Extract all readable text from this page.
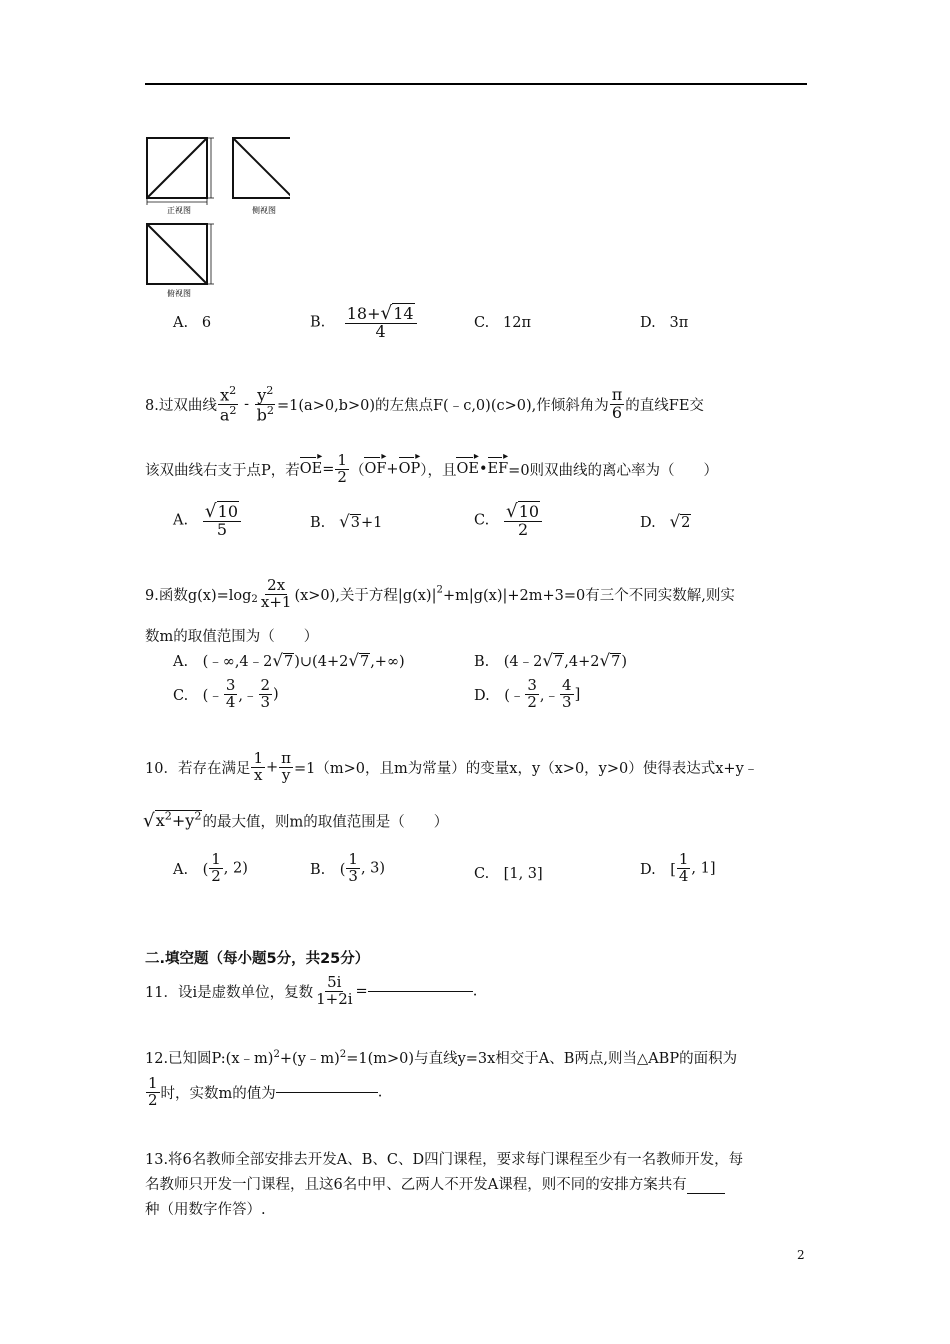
正视图	侧视图
俯视图
A. 6	B. $\frac{18+√14}{4}$	C. 12π	D. 3π
8.过双曲线 $\frac{x^2}{a^2} - \frac{y^2}{b^2} =1(a>0,b>0)$的左焦点F(﹣c,0)(c>0),作倾斜角为 $\frac{\pi}{6}$ 的直线FE交
该双曲线右支于点P，若
▸
$OE= \frac{1}{2}$ （
▸
OF+
▸
OP），且
▸
OE•
▸
EF=0则双曲线的离心率为（　　）
A. $\frac{√10}{5}$	B. √3+1	C. $\frac{√10}{2}$	D. √2
9.函数$g(x)=\log_2 \frac{2x}{x+1} (x>0)$,关于方程$|g(x)|^2+m|g(x)|+2m+3=0$有三个不同实数解,则实
数m的取值范围为（　　）
A.　(﹣∞,4﹣2√7)∪(4+2√7,+∞)	B.　(4﹣2√7,4+2√7)
C.　(﹣ $\frac{3}{4}$ ,﹣ $\frac{2}{3}$ )	D.　(﹣ $\frac{3}{2}$ ,﹣ $\frac{4}{3}$ ]
10．若存在满足 $\frac{1}{x} + \frac{\pi}{y} =1(m>0$，且m为常量）的变量x，y（x>0，y>0）使得表达式x+y﹣
$√x^2+y^2$的最大值，则m的取值范围是（　　）
A.　( $\frac{1}{2}$ , 2)	B.　( $\frac{1}{3}$ , 3)	C.　[1, 3]	D.　[ $\frac{1}{4}$ , 1]
二.填空题（每小题5分，共25分）
11．设i是虚数单位，复数 $\frac{5i}{1+2i}$ =	.
12.已知圆P:(x﹣m)$^2$+(y﹣m)$^2$=1(m>0)与直线y=3x相交于A、B两点,则当△ABP的面积为
$\frac{1}{2}$ 时，实数m的值为	.
13.将6名教师全部安排去开发A、B、C、D四门课程，要求每门课程至少有一名教师开发，每
名教师只开发一门课程，且这6名中甲、乙两人不开发A课程，则不同的安排方案共有
种（用数字作答）.
2
